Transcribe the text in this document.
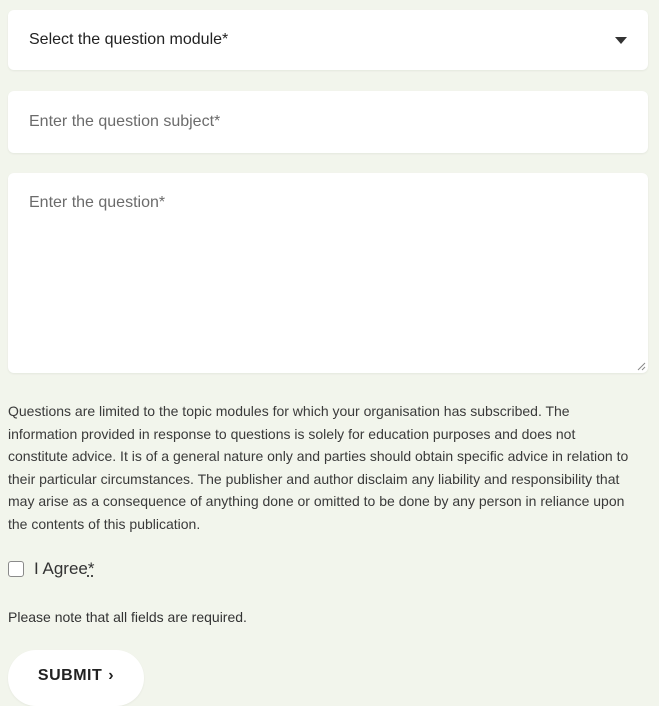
Select the question module*
Enter the question subject*
Enter the question*

Questions are limited to the topic modules for which your organisation has subscribed. The information provided in response to questions is solely for education purposes and does not constitute advice. It is of a general nature only and parties should obtain specific advice in relation to their particular circumstances. The publisher and author disclaim any liability and responsibility that may arise as a consequence of anything done or omitted to be done by any person in reliance upon the contents of this publication.

I Agree*

Please note that all fields are required.

SUBMIT ›
